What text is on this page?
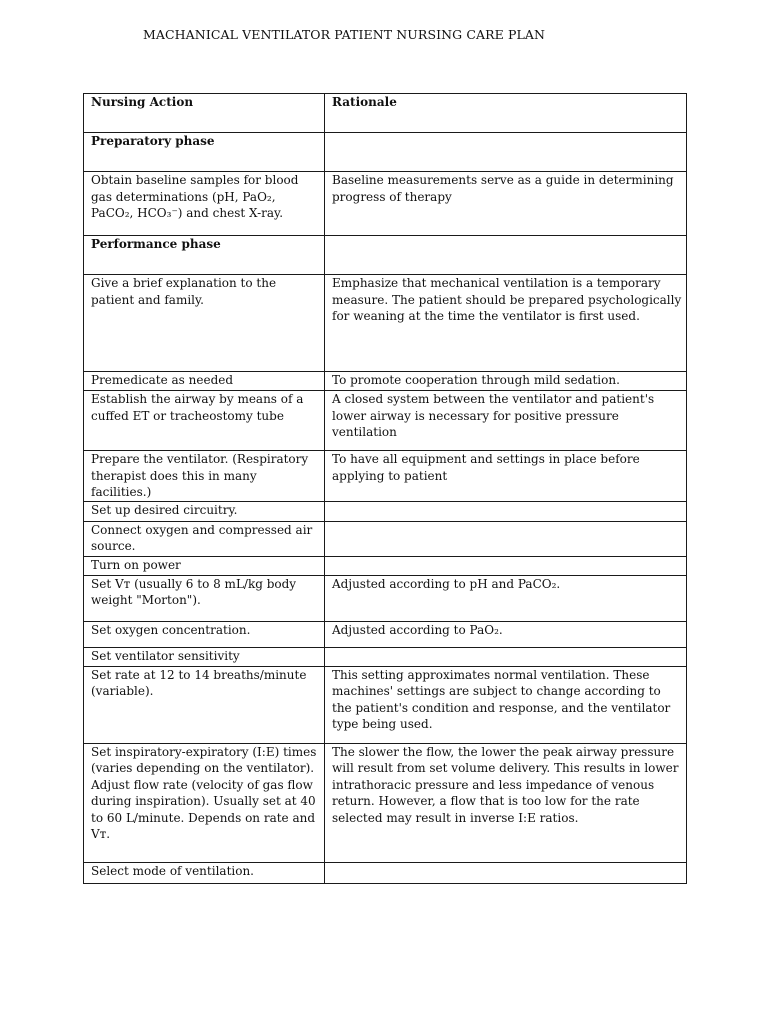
MACHANICAL VENTILATOR PATIENT NURSING CARE PLAN
Nursing Action	Rationale

Preparatory phase	

Obtain baseline samples for blood gas determinations (pH, PaO₂, PaCO₂, HCO₃⁻) and chest X-ray.	Baseline measurements serve as a guide in determining progress of therapy

Performance phase	

Give a brief explanation to the patient and family.	Emphasize that mechanical ventilation is a temporary measure. The patient should be prepared psychologically for weaning at the time the ventilator is first used.

Premedicate as needed	To promote cooperation through mild sedation.

Establish the airway by means of a cuffed ET or tracheostomy tube	A closed system between the ventilator and patient's lower airway is necessary for positive pressure ventilation

Prepare the ventilator. (Respiratory therapist does this in many facilities.)	To have all equipment and settings in place before applying to patient

Set up desired circuitry.	

Connect oxygen and compressed air source.	

Turn on power	

Set Vᴛ (usually 6 to 8 mL/kg body weight "Morton").	Adjusted according to pH and PaCO₂.

Set oxygen concentration.	Adjusted according to PaO₂.

Set ventilator sensitivity	

Set rate at 12 to 14 breaths/minute (variable).	This setting approximates normal ventilation. These machines' settings are subject to change according to the patient's condition and response, and the ventilator type being used.

Set inspiratory-expiratory (I:E) times (varies depending on the ventilator). Adjust flow rate (velocity of gas flow during inspiration). Usually set at 40 to 60 L/minute. Depends on rate and Vᴛ.	The slower the flow, the lower the peak airway pressure will result from set volume delivery. This results in lower intrathoracic pressure and less impedance of venous return. However, a flow that is too low for the rate selected may result in inverse I:E ratios.

Select mode of ventilation.	
